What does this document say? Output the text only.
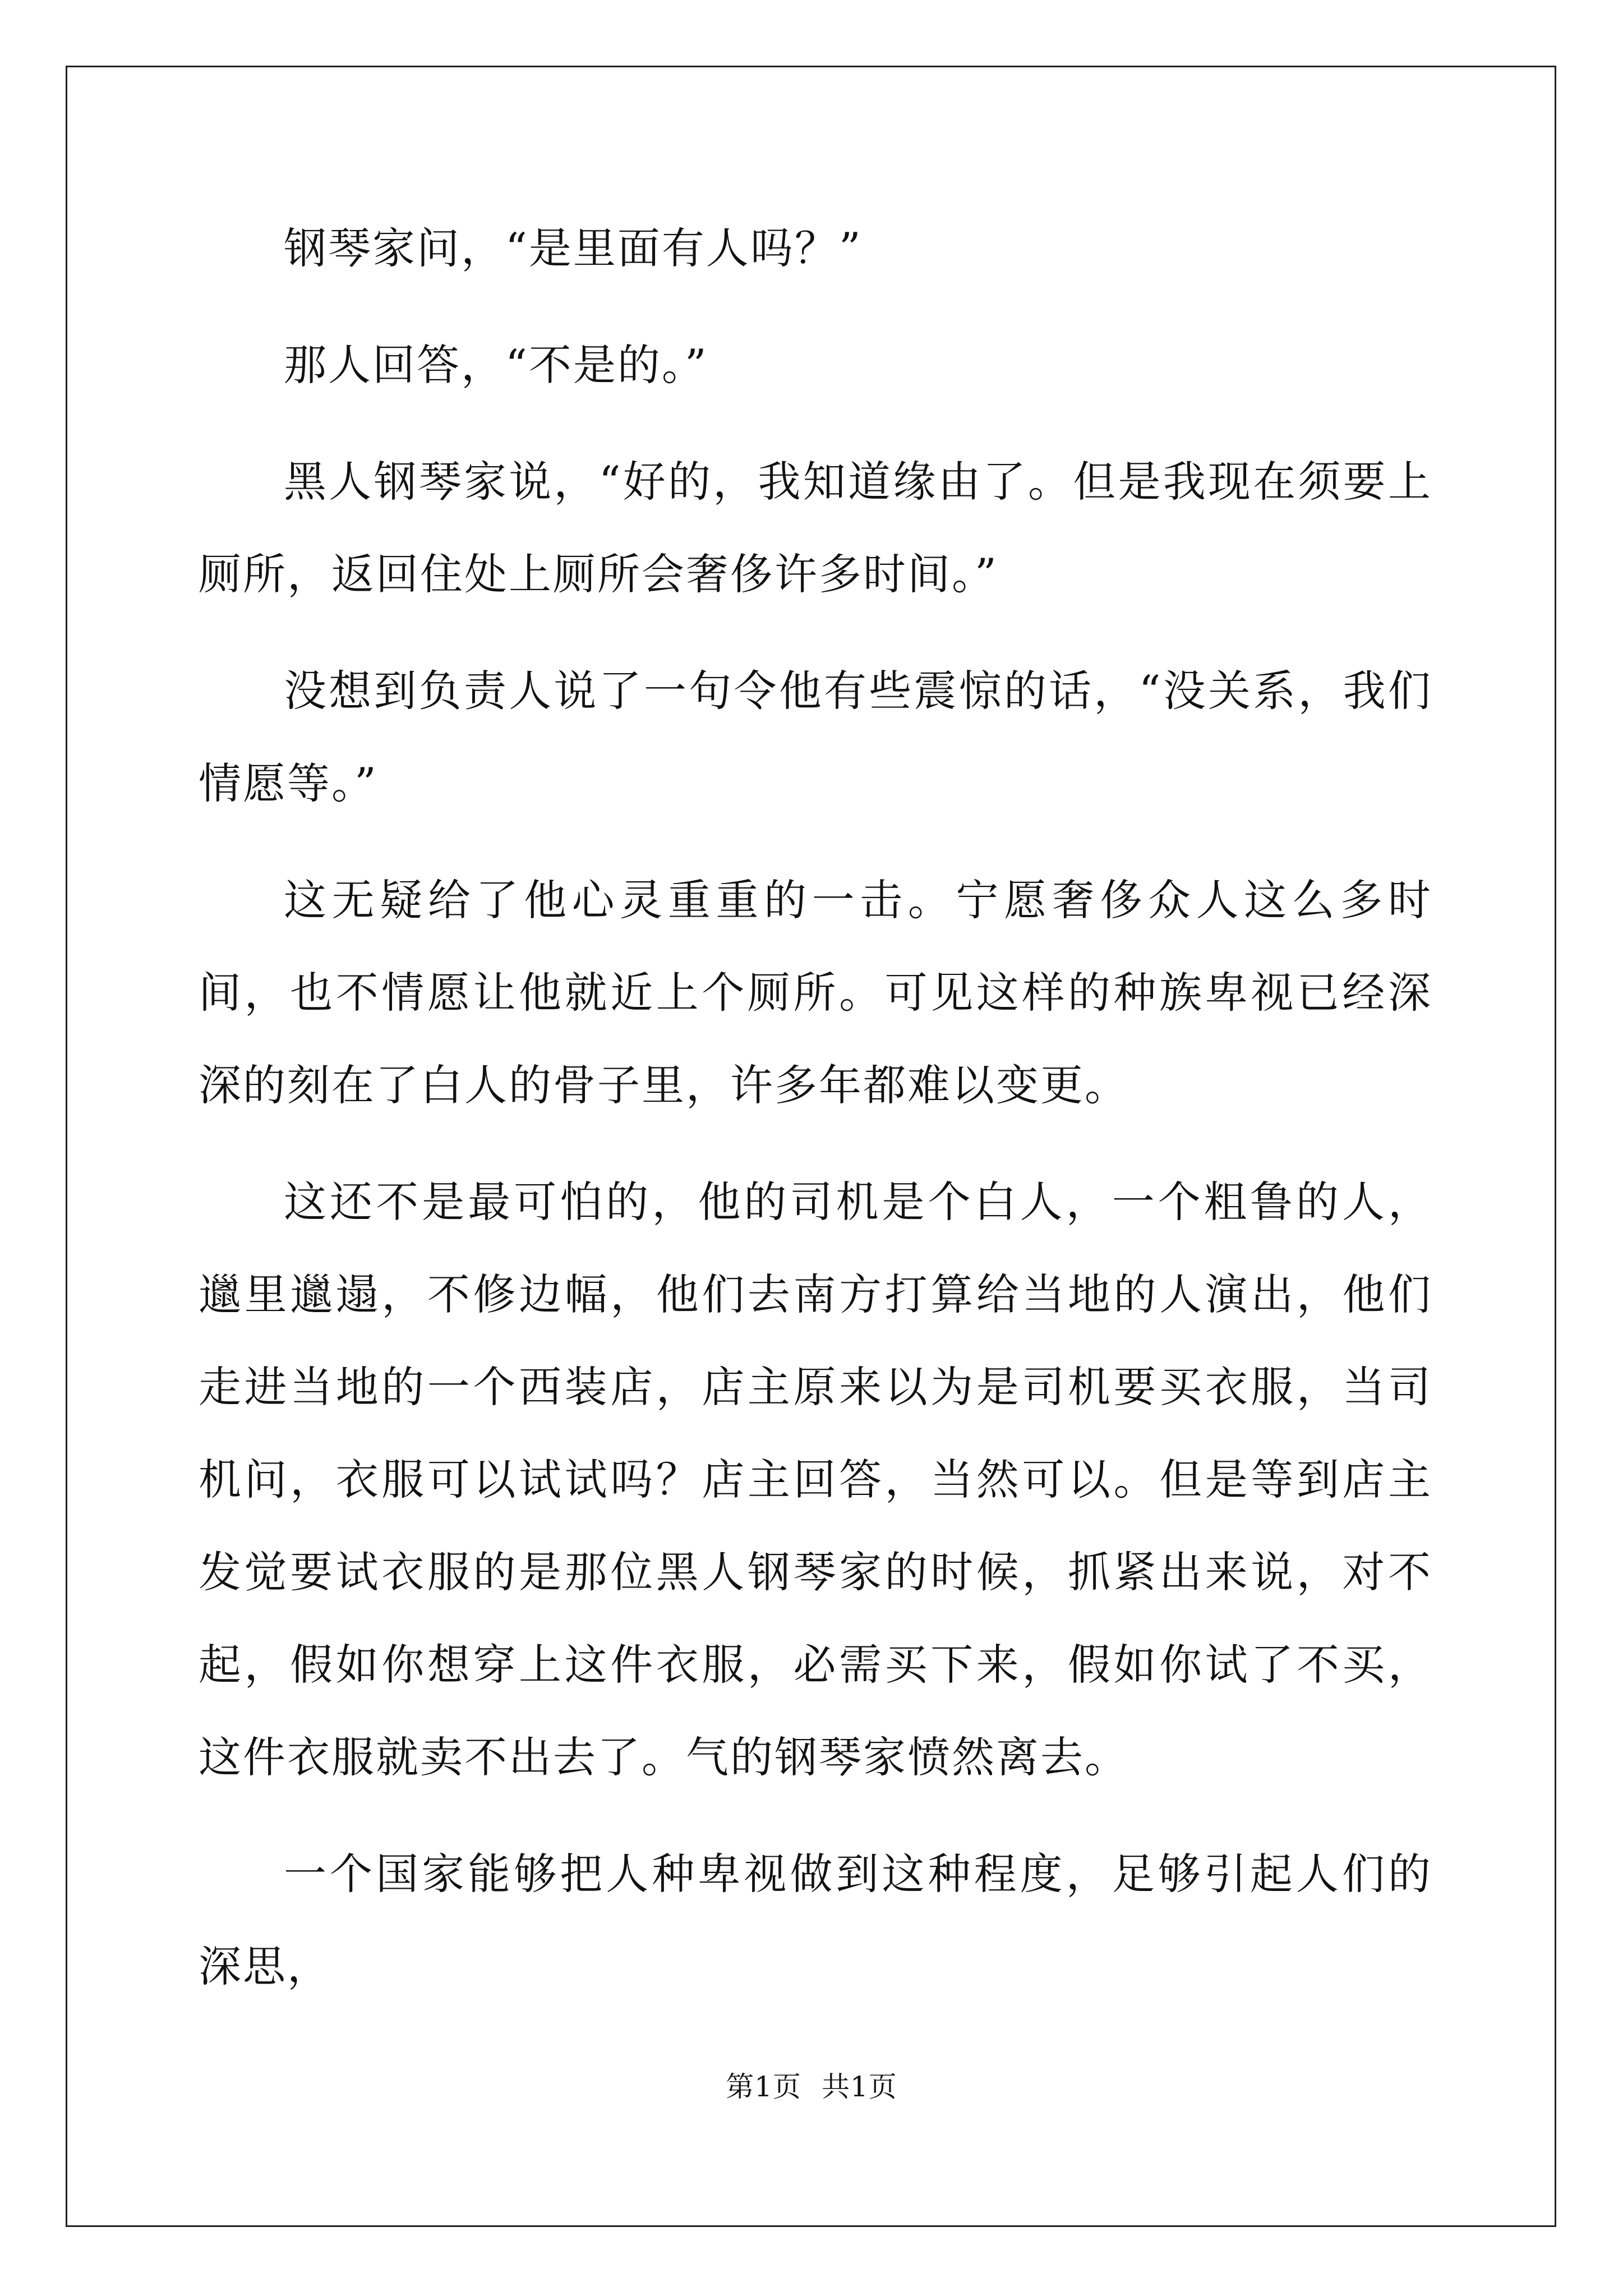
钢琴家问，“是里面有人吗？”

那人回答，“不是的。”

黑人钢琴家说，“好的，我知道缘由了。但是我现在须要上厕所，返回住处上厕所会奢侈许多时间。”

没想到负责人说了一句令他有些震惊的话，“没关系，我们情愿等。”

这无疑给了他心灵重重的一击。宁愿奢侈众人这么多时间，也不情愿让他就近上个厕所。可见这样的种族卑视已经深深的刻在了白人的骨子里，许多年都难以变更。

这还不是最可怕的，他的司机是个白人，一个粗鲁的人，邋里邋遢，不修边幅，他们去南方打算给当地的人演出，他们走进当地的一个西装店，店主原来以为是司机要买衣服，当司机问，衣服可以试试吗？店主回答，当然可以。但是等到店主发觉要试衣服的是那位黑人钢琴家的时候，抓紧出来说，对不起，假如你想穿上这件衣服，必需买下来，假如你试了不买，这件衣服就卖不出去了。气的钢琴家愤然离去。

一个国家能够把人种卑视做到这种程度，足够引起人们的深思，

第1页 共1页
